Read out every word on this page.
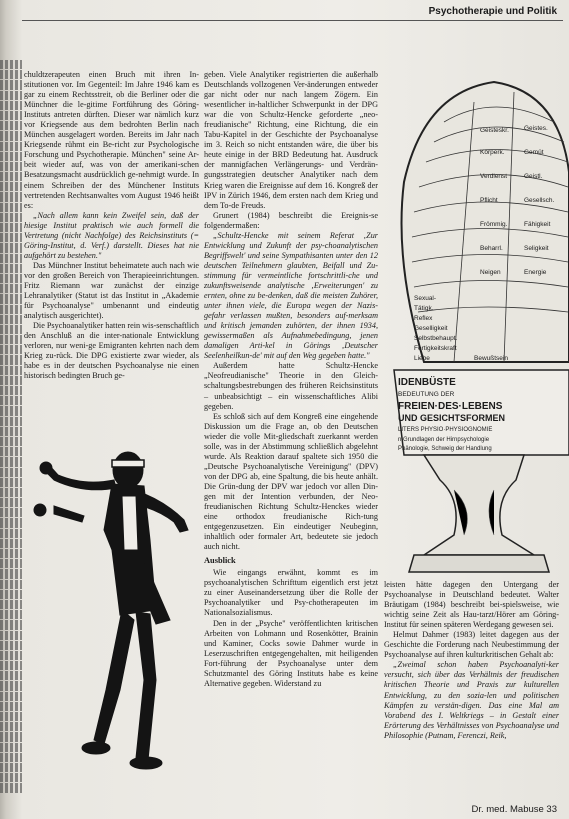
Psychotherapie und Politik

chuldtzerapeuten einen Bruch mit ihren In-stitutionen vor. Im Gegenteil: Im Jahre 1946 kam es gar zu einem Rechtsstreit, ob die Berliner oder die Münchner die le-gitime Fortführung des Göring-Instituts antreten dürften. Dieser war nämlich kurz vor Kriegsende aus dem bedrohten Berlin nach München ausgelagert worden. Bereits im Jahr nach Kriegsende rühmt ein Be-richt zur Psychologische Forschung und Psychotherapie. München" seine Ar-beit wieder auf, was von der amerikani-schen Besatzungsmacht ausdrücklich ge-nehmigt wurde. In einem Schreiben der des Münchener Instituts vertretenden Rechtsanwaltes vom August 1946 heißt es:

„Nach allem kann kein Zweifel sein, daß der hiesige Institut praktisch wie auch formell die Vertretung (nicht Nachfolge) des Reichsinstituts (= Göring-Institut, d. Verf.) darstellt. Dieses hat nie aufgehört zu bestehen."

Das Münchner Institut beheimatete auch nach wie vor den großen Bereich von Therapieeinrichtungen. Fritz Riemann war zunächst der einzige Lehranalytiker (Statut ist das Institut in „Akademie für Psychoanalyse" umbenannt und eindeutig analytisch ausgerichtet).

Die Psychoanalytiker hatten rein wis-senschaftlich den Anschluß an die inter-nationale Entwicklung verloren, nur weni-ge Emigranten kehrten nach dem Krieg zu-rück. Die DPG existierte zwar wieder, als habe es in der deutschen Psychoanalyse nie einen historisch bedingten Bruch ge-

geben. Viele Analytiker registrierten die außerhalb Deutschlands vollzogenen Ver-änderungen entweder gar nicht oder nur nach langem Zögern. Ein wesentlicher in-haltlicher Schwerpunkt in der DPG war die von Schultz-Hencke geforderte „neo-freudianische" Richtung, eine Richtung, die ein Tabu-Kapitel in der Geschichte der Psychoanalyse im 3. Reich so nicht entstanden wäre, die über bis heute einige in der BRD Bedeutung hat. Ausdruck der mannigfachen Verlängerungs- und Verdrän-gungsstrategien deutscher Analytiker nach dem Krieg waren die Ereignisse auf dem 16. Kongreß der IPV in Zürich 1946, dem ersten nach dem Krieg und dem To-de Freuds.

Grunert (1984) beschreibt die Ereignis-se folgendermaßen:

„Schultz-Hencke mit seinem Referat ‚Zur Entwicklung und Zukunft der psy-choanalytischen Begriffswelt' und seine Sympathisanten unter den 12 deutschen Teilnehmern glaubten, Beifall und Zu-stimmung für vermeintliche fortschrittli-che und zukunftsweisende analytische ‚Erweiterungen' zu ernten, ohne zu be-denken, daß die meisten Zuhörer, unter ihnen viele, die Europa wegen der Nazis-gefahr verlassen mußten, besonders auf-merksam und kritisch jemanden zuhörten, der ihnen 1934, gewissermaßen als Aufnahmebedingung, jenen damaligen Arti-kel in Görings ‚Deutscher Seelenheilkun-de' mit auf den Weg gegeben hatte."

Außerdem hatte Schultz-Hencke „Neofreudianische" Theorie in den Gleich-schaltungsbestrebungen des früheren Reichsinstituts – unbeabsichtigt – ein wissenschaftliches Alibi gegeben.

Es schloß sich auf dem Kongreß eine eingehende Diskussion um die Frage an, ob den Deutschen wieder die volle Mit-gliedschaft zuerkannt werden solle, was in der Abstimmung schließlich abgelehnt wurde. Als Reaktion darauf spaltete sich 1950 die „Deutsche Psychoanalytische Vereinigung" (DPV) von der DPG ab, eine Spaltung, die bis heute anhält. Die Grün-dung der DPV war jedoch vor allen Din-gen mit der Intention verbunden, der Neo-freudianischen Richtung Schultz-Henckes wieder eine orthodox freudianische Rich-tung entgegenzusetzen. Ein eindeutiger Neubeginn, inhaltlich oder formaler Art, bedeutete sie jedoch auch nicht.

Ausblick

Wie eingangs erwähnt, kommt es im psychoanalytischen Schrifttum eigentlich erst jetzt zu einer Auseinandersetzung über die Rolle der Psychoanalytiker und Psy-chotherapeuten im Nationalsozialismus.

Den in der „Psyche" veröffentlichten kritischen Arbeiten von Lohmann und Rosenkötter, Brainin und Kaminer, Cocks sowie Dahmer wurde in Leserzuschriften entgegengehalten, mit heiligenden Fort-führung der Psychoanalyse unter dem Schutzmantel des Göring Instituts habe es keine Alternative gegeben. Widerstand zu

Geisteskr. Geistes.
Körperk.	Gemüt
Verdienst	Geistl.
Pflicht	Gesellsch.
Frömmig.	Fähigkeit
Beharrl.	Seligkeit
Neigen	Energie
Sexual-
Tätigk.
Reflex
Geselligkeit
Selbstbehaupt.
Fertigkeitskraft
Liebe	Bewußtsein
IDENBÜSTE
BEDEUTUNG DER
FREIEN·DES·LEBENS
UND GESICHTSFORMEN
LITERS PHYSIO·PHYSIOGNOMIE
n Grundlagen der Hirnpsychologie
Phänologie, Schweig der Handlung

leisten hätte dagegen den Untergang der Psychoanalyse in Deutschland bedeutet. Walter Bräutigam (1984) beschreibt bei-spielsweise, wie wichtig seine Zeit als Hau-tarzt/Hörer am Göring-Institut für seinen späteren Werdegang gewesen sei.

Helmut Dahmer (1983) leitet dagegen aus der Geschichte die Forderung nach Neubestimmung der Psychoanalyse auf ihren kulturkritischen Gehalt ab:

„Zweimal schon haben Psychoanalyti-ker versucht, sich über das Verhältnis der freudischen kritischen Theorie und Praxis zur kulturellen Entwicklung, zu den sozia-len und politischen Kämpfen zu verstän-digen. Das eine Mal am Vorabend des I. Weltkriegs – in Gestalt einer Erörterung des Verhältnisses von Psychoanalyse und Philosophie (Putnam, Ferenczi, Reik,

Dr. med. Mabuse 33
